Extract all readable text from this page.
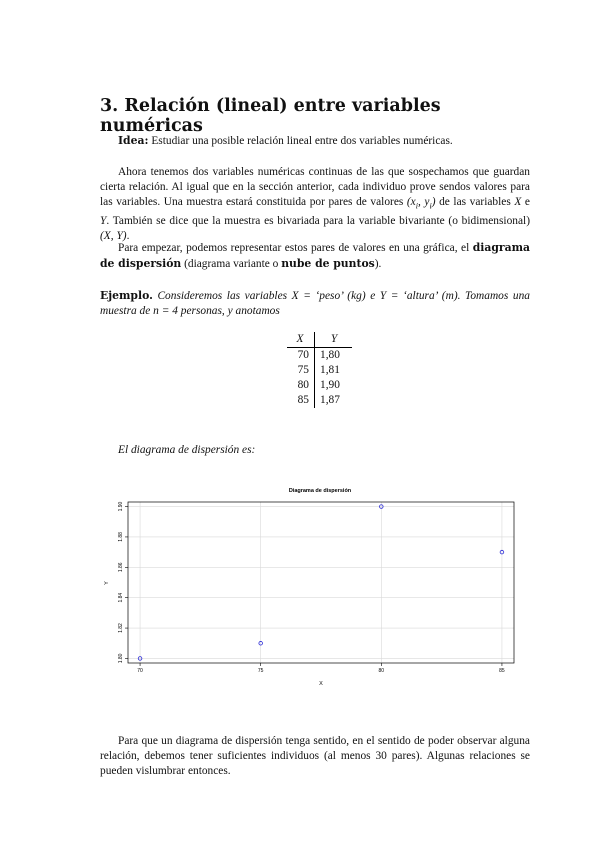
3. Relación (lineal) entre variables numéricas
Idea: Estudiar una posible relación lineal entre dos variables numéricas.
Ahora tenemos dos variables numéricas continuas de las que sospechamos que guardan cierta relación. Al igual que en la sección anterior, cada individuo prove sendos valores para las variables. Una muestra estará constituida por pares de valores ($x_i$, $y_i$) de las variables X e Y. También se dice que la muestra es bivariada para la variable bivariante (o bidimensional) (X, Y).
Para empezar, podemos representar estos pares de valores en una gráfica, el diagrama de dispersión (diagrama variante o nube de puntos).
Ejemplo. Consideremos las variables X = ‘peso’ (kg) e Y = ‘altura’ (m). Tomamos una muestra de n = 4 personas, y anotamos
X	Y
70	1,80
75	1,81
80	1,90
85	1,87
El diagrama de dispersión es:
Diagrama de dispersión
70	75	80	85
1.80
1.82
1.84
1.86
1.88
1.90
X
Y
Para que un diagrama de dispersión tenga sentido, en el sentido de poder observar alguna relación, debemos tener suficientes individuos (al menos 30 pares). Algunas relaciones se pueden vislumbrar entonces.
